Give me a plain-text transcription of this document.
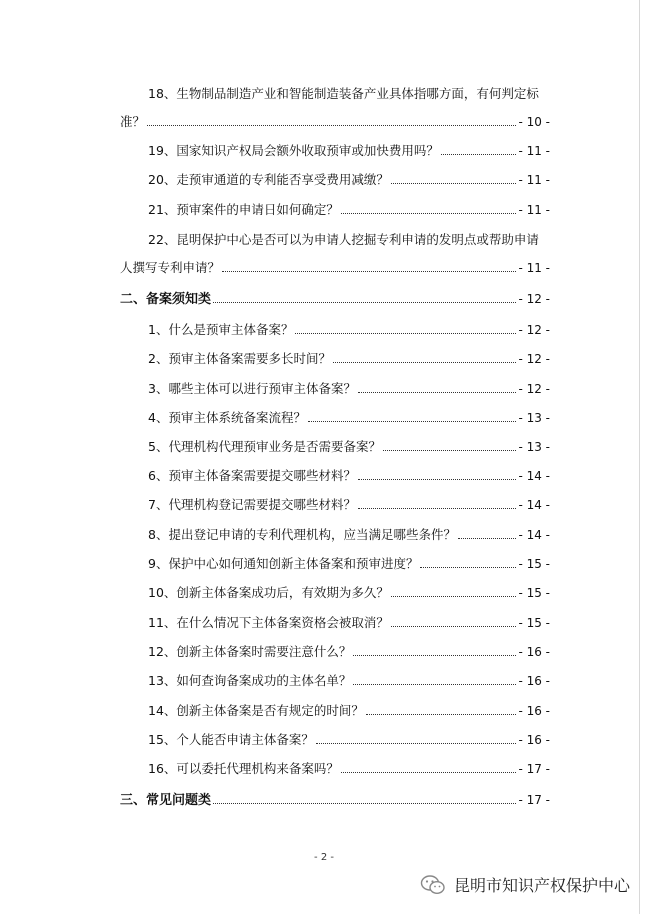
18、生物制品制造产业和智能制造装备产业具体指哪方面，有何判定标
准？	- 10 -
19、国家知识产权局会额外收取预审或加快费用吗？	- 11 -
20、走预审通道的专利能否享受费用减缴？	- 11 -
21、预审案件的申请日如何确定？	- 11 -
22、昆明保护中心是否可以为申请人挖掘专利申请的发明点或帮助申请
人撰写专利申请？	- 11 -
二、备案须知类	- 12 -
1、什么是预审主体备案？	- 12 -
2、预审主体备案需要多长时间？	- 12 -
3、哪些主体可以进行预审主体备案？	- 12 -
4、预审主体系统备案流程？	- 13 -
5、代理机构代理预审业务是否需要备案？	- 13 -
6、预审主体备案需要提交哪些材料？	- 14 -
7、代理机构登记需要提交哪些材料？	- 14 -
8、提出登记申请的专利代理机构，应当满足哪些条件？	- 14 -
9、保护中心如何通知创新主体备案和预审进度？	- 15 -
10、创新主体备案成功后，有效期为多久？	- 15 -
11、在什么情况下主体备案资格会被取消？	- 15 -
12、创新主体备案时需要注意什么？	- 16 -
13、如何查询备案成功的主体名单？	- 16 -
14、创新主体备案是否有规定的时间？	- 16 -
15、个人能否申请主体备案？	- 16 -
16、可以委托代理机构来备案吗？	- 17 -
三、常见问题类	- 17 -
- 2 -
昆明市知识产权保护中心
